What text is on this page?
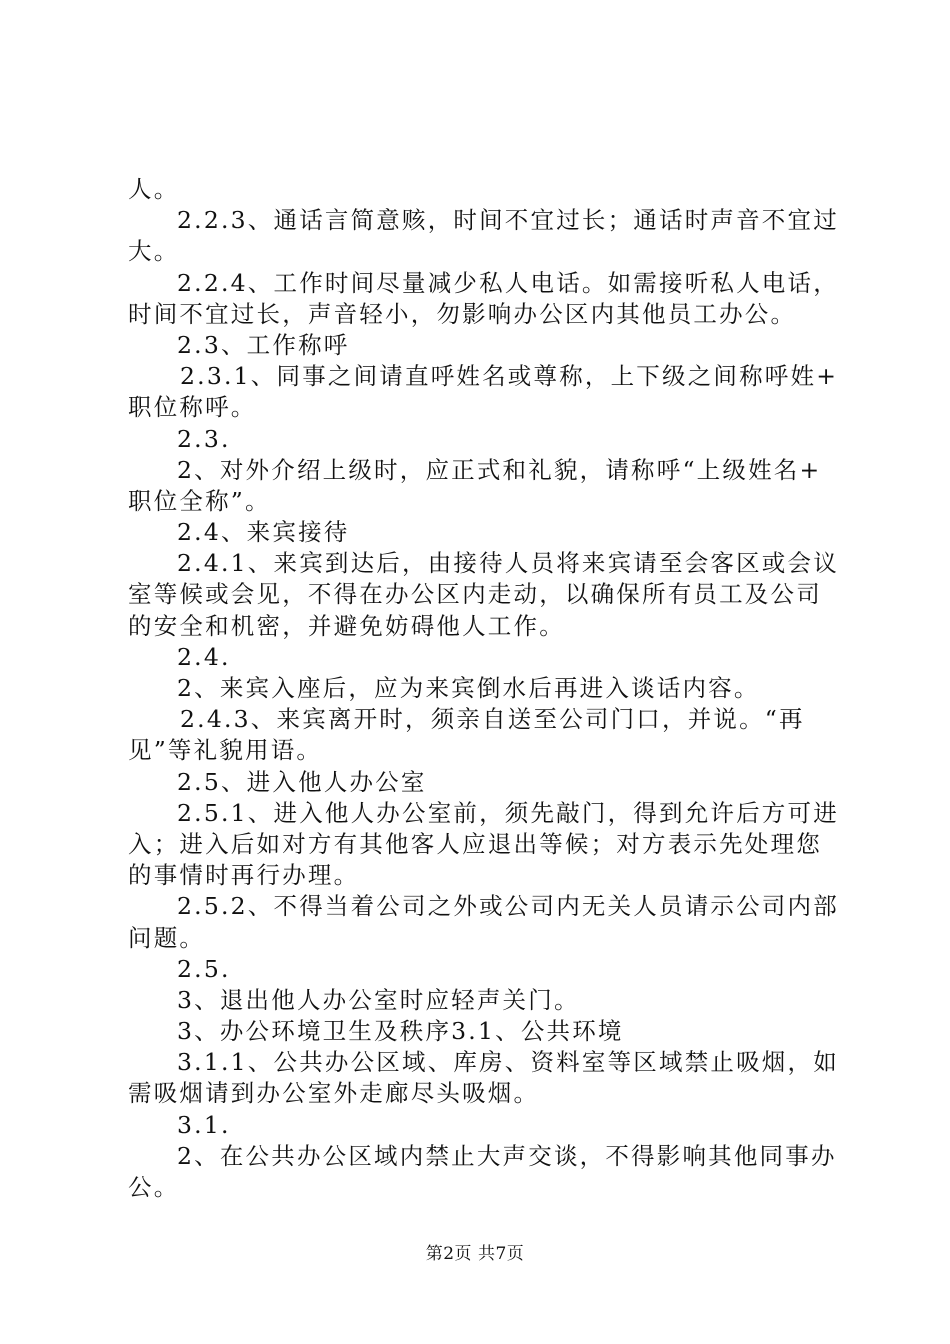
人。
2.2.3、通话言简意赅，时间不宜过长；通话时声音不宜过
大。
2.2.4、工作时间尽量减少私人电话。如需接听私人电话，
时间不宜过长，声音轻小，勿影响办公区内其他员工办公。
2.3、工作称呼
2.3.1、同事之间请直呼姓名或尊称，上下级之间称呼姓+
职位称呼。
2.3.
2、对外介绍上级时，应正式和礼貌，请称呼“上级姓名+
职位全称”。
2.4、来宾接待
2.4.1、来宾到达后，由接待人员将来宾请至会客区或会议
室等候或会见，不得在办公区内走动，以确保所有员工及公司
的安全和机密，并避免妨碍他人工作。
2.4.
2、来宾入座后，应为来宾倒水后再进入谈话内容。
2.4.3、来宾离开时，须亲自送至公司门口，并说。“再
见”等礼貌用语。
2.5、进入他人办公室
2.5.1、进入他人办公室前，须先敲门，得到允许后方可进
入；进入后如对方有其他客人应退出等候；对方表示先处理您
的事情时再行办理。
2.5.2、不得当着公司之外或公司内无关人员请示公司内部
问题。
2.5.
3、退出他人办公室时应轻声关门。
3、办公环境卫生及秩序3.1、公共环境
3.1.1、公共办公区域、库房、资料室等区域禁止吸烟，如
需吸烟请到办公室外走廊尽头吸烟。
3.1.
2、在公共办公区域内禁止大声交谈，不得影响其他同事办
公。
第2页 共7页
